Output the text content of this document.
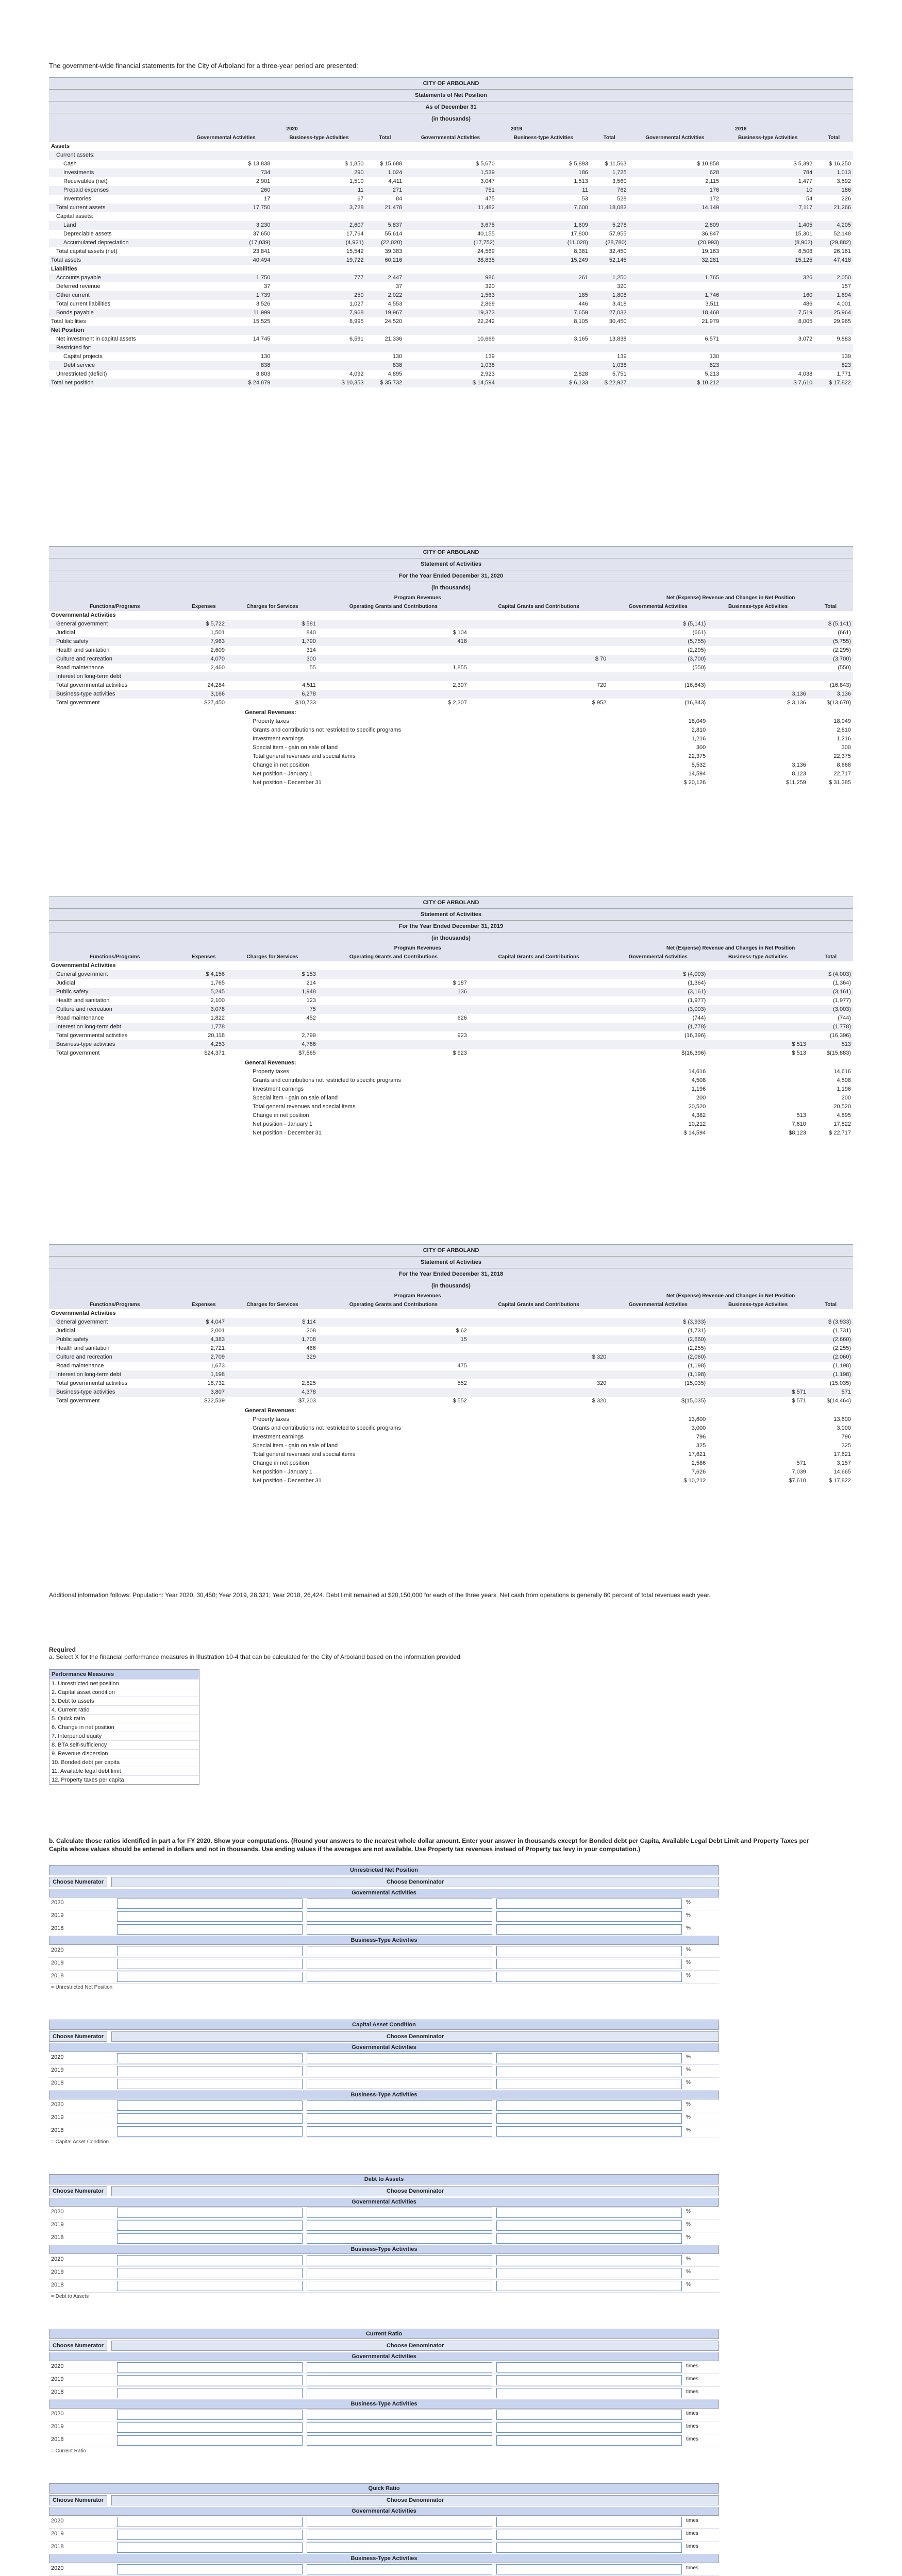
The government-wide financial statements for the City of Arboland for a three-year period are presented:
CITY OF ARBOLAND
Statements of Net Position
As of December 31
(in thousands)
	2020			2019			2018		
	Governmental Activities	Business-type Activities	Total	Governmental Activities	Business-type Activities	Total	Governmental Activities	Business-type Activities	Total
Assets									
Current assets:									
Cash	$ 13,838	$ 1,850	$ 15,688	$ 5,670	$ 5,893	$ 11,563	$ 10,858	$ 5,392	$ 16,250
Investments	734	290	1,024	1,539	186	1,725	628	784	1,013
Receivables (net)	2,901	1,510	4,411	3,047	1,513	3,560	2,115	1,477	3,592
Prepaid expenses	260	11	271	751	11	762	176	10	186
Inventories	17	67	84	475	53	528	172	54	226
Total current assets	17,750	3,728	21,478	11,482	7,600	18,082	14,149	7,117	21,266
Capital assets:									
Land	3,230	2,607	5,837	3,675	1,609	5,278	2,809	1,405	4,205
Depreciable assets	37,650	17,764	55,614	40,155	17,800	57,955	36,847	15,301	52,148
Accumulated depreciation	(17,039)	(4,921)	(22,020)	(17,752)	(11,028)	(28,780)	(20,993)	(8,902)	(29,882)
Total capital assets (net)	23,841	15,542	39,383	24,569	8,381	32,450	19,163	8,508	26,161
Total assets	40,494	19,722	60,216	38,835	15,249	52,145	32,281	15,125	47,418
Liabilities									
Accounts payable	1,750	777	2,447	986	261	1,250	1,765	326	2,050
Deferred revenue	37		37	320		320			157
Other current	1,739	250	2,022	1,563	185	1,808	1,746	160	1,694
Total current liabilities	3,526	1,027	4,553	2,869	446	3,418	3,511	486	4,001
Bonds payable	11,999	7,968	19,967	19,373	7,659	27,032	18,468	7,519	25,964
Total liabilities	15,525	8,995	24,520	22,242	8,105	30,450	21,979	8,005	29,965
Net Position									
Net investment in capital assets	14,745	6,591	21,336	10,669	3,165	13,838	6,571	3,072	9,883
Restricted for:									
Capital projects	130		130	139		139	130		139
Debt service	838		838	1,038		1,038	823		823
Unrestricted (deficit)	8,803	4,092	4,895	2,923	2,828	5,751	5,213	4,038	1,771
Total net position	$ 24,879	$ 10,353	$ 35,732	$ 14,594	$ 6,133	$ 22,927	$ 10,212	$ 7,610	$ 17,822
CITY OF ARBOLAND
Statement of Activities
For the Year Ended December 31, 2020
(in thousands)
		Program Revenues			Net (Expense) Revenue and Changes in Net Position		
Functions/Programs	Expenses	Charges for Services	Operating Grants and Contributions	Capital Grants and Contributions	Governmental Activities	Business-type Activities	Total
Governmental Activities							
General government	$ 5,722	$ 581			$ (5,141)		$ (5,141)
Judicial	1,501	840	$ 104		(661)		(661)
Public safety	7,963	1,790	418		(5,755)		(5,755)
Health and sanitation	2,609	314			(2,295)		(2,295)
Culture and recreation	4,070	300		$ 70	(3,700)		(3,700)
Road maintenance	2,460	55	1,855		(550)		(550)
Interest on long-term debt							
Total governmental activities	24,284	4,511	2,307	720	(16,843)		(16,843)
Business-type activities	3,166	6,278				3,136	3,136
Total government	$27,450	$10,733	$ 2,307	$ 952	(16,843)	$ 3,136	$(13,670)

General Revenues:							
Property taxes					18,049		18,049
Grants and contributions not restricted to specific programs					2,810		2,810
Investment earnings					1,216		1,216
Special item - gain on sale of land					300		300
Total general revenues and special items					22,375		22,375
Change in net position					5,532	3,136	8,668
Net position - January 1					14,594	8,123	22,717
Net position - December 31					$ 20,126	$11,259	$ 31,385
CITY OF ARBOLAND
Statement of Activities
For the Year Ended December 31, 2019
(in thousands)
		Program Revenues			Net (Expense) Revenue and Changes in Net Position		
Functions/Programs	Expenses	Charges for Services	Operating Grants and Contributions	Capital Grants and Contributions	Governmental Activities	Business-type Activities	Total
Governmental Activities							
General government	$ 4,156	$ 153			$ (4,003)		$ (4,003)
Judicial	1,765	214	$ 187		(1,364)		(1,364)
Public safety	5,245	1,948	136		(3,161)		(3,161)
Health and sanitation	2,100	123			(1,977)		(1,977)
Culture and recreation	3,078	75			(3,003)		(3,003)
Road maintenance	1,822	452	626		(744)		(744)
Interest on long-term debt	1,778				(1,778)		(1,778)
Total governmental activities	20,118	2,799	923		(16,396)		(16,396)
Business-type activities	4,253	4,766				$ 513	513
Total government	$24,371	$7,565	$ 923		$(16,396)	$ 513	$(15,883)

General Revenues:							
Property taxes					14,616		14,616
Grants and contributions not restricted to specific programs					4,508		4,508
Investment earnings					1,196		1,196
Special item - gain on sale of land					200		200
Total general revenues and special items					20,520		20,520
Change in net position					4,382	513	4,895
Net position - January 1					10,212	7,610	17,822
Net position - December 31					$ 14,594	$8,123	$ 22,717
CITY OF ARBOLAND
Statement of Activities
For the Year Ended December 31, 2018
(in thousands)
		Program Revenues			Net (Expense) Revenue and Changes in Net Position		
Functions/Programs	Expenses	Charges for Services	Operating Grants and Contributions	Capital Grants and Contributions	Governmental Activities	Business-type Activities	Total
Governmental Activities							
General government	$ 4,047	$ 114			$ (3,933)		$ (3,933)
Judicial	2,001	208	$ 62		(1,731)		(1,731)
Public safety	4,383	1,708	15		(2,660)		(2,660)
Health and sanitation	2,721	466			(2,255)		(2,255)
Culture and recreation	2,709	329		$ 320	(2,060)		(2,060)
Road maintenance	1,673		475		(1,198)		(1,198)
Interest on long-term debt	1,198				(1,198)		(1,198)
Total governmental activities	18,732	2,825	552	320	(15,035)		(15,035)
Business-type activities	3,807	4,378				$ 571	571
Total government	$22,539	$7,203	$ 552	$ 320	$(15,035)	$ 571	$(14,464)

General Revenues:							
Property taxes					13,600		13,600
Grants and contributions not restricted to specific programs					3,000		3,000
Investment earnings					796		796
Special item - gain on sale of land					325		325
Total general revenues and special items					17,621		17,621
Change in net position					2,586	571	3,157
Net position - January 1					7,626	7,039	14,665
Net position - December 31					$ 10,212	$7,610	$ 17,822
Additional information follows: Population: Year 2020, 30,450; Year 2019, 28,321; Year 2018, 26,424. Debt limit remained at $20,150,000 for each of the three years. Net cash from operations is generally 80 percent of total revenues each year.
Required
a. Select X for the financial performance measures in Illustration 10-4 that can be calculated for the City of Arboland based on the information provided.
Performance Measures
1. Unrestricted net position
2. Capital asset condition
3. Debt to assets
4. Current ratio
5. Quick ratio
6. Change in net position
7. Interperiod equity
8. BTA self-sufficiency
9. Revenue dispersion
10. Bonded debt per capita
11. Available legal debt limit
12. Property taxes per capita
b. Calculate those ratios identified in part a for FY 2020. Show your computations. (Round your answers to the nearest whole dollar amount. Enter your answer in thousands except for Bonded debt per Capita, Available Legal Debt Limit and Property Taxes per Capita whose values should be entered in dollars and not in thousands. Use ending values if the averages are not available. Use Property tax revenues instead of Property tax levy in your computation.)
Unrestricted Net Position
Choose Numerator	Choose Denominator
Governmental Activities
2020	%
2019	%
2018	%
Business-Type Activities
2020	%
2019	%
2018	%
= Unrestricted Net Position
Capital Asset Condition
Choose Numerator	Choose Denominator
Governmental Activities
2020	%
2019	%
2018	%
Business-Type Activities
2020	%
2019	%
2018	%
= Capital Asset Condition
Debt to Assets
Choose Numerator	Choose Denominator
Governmental Activities
2020	%
2019	%
2018	%
Business-Type Activities
2020	%
2019	%
2018	%
= Debt to Assets
Current Ratio
Choose Numerator	Choose Denominator
Governmental Activities
2020	times
2019	times
2018	times
Business-Type Activities
2020	times
2019	times
2018	times
= Current Ratio
Quick Ratio
Choose Numerator	Choose Denominator
Governmental Activities
2020	times
2019	times
2018	times
Business-Type Activities
2020	times
